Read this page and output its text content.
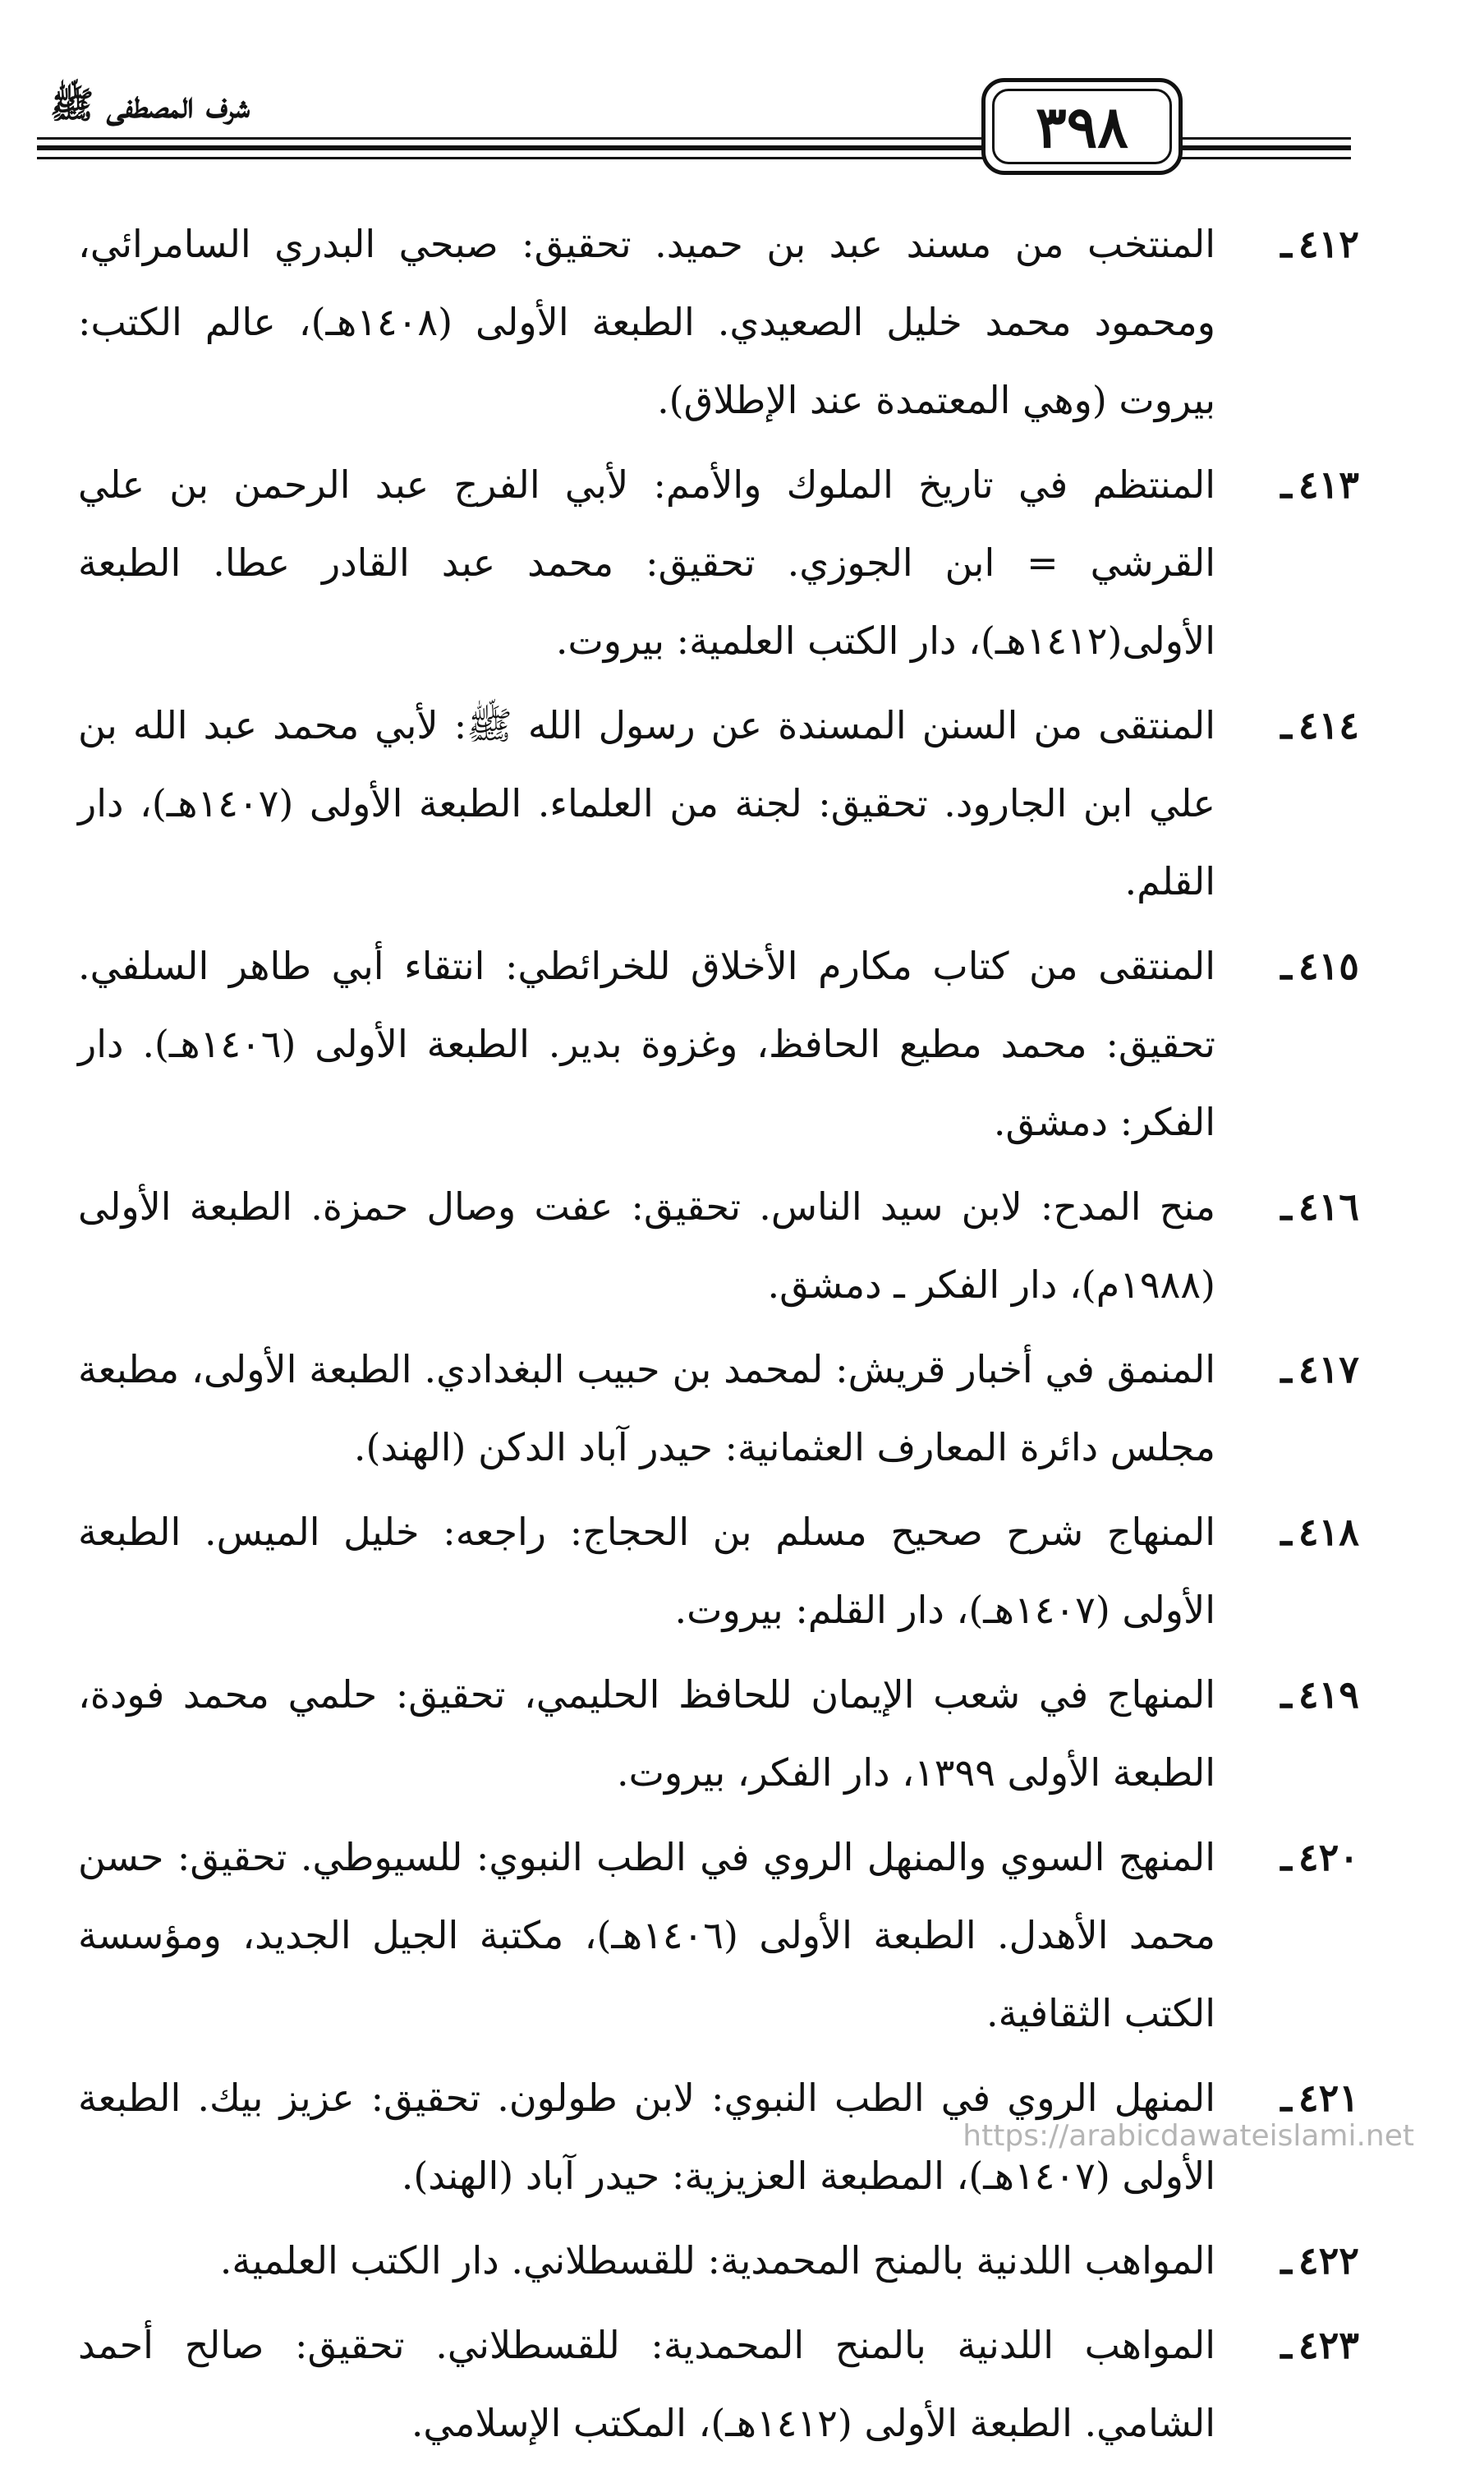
شرف المصطفى ﷺ	٣٩٨
٤١٢ـ
المنتخب من مسند عبد بن حميد. تحقيق: صبحي البدري السامرائي، ومحمود محمد خليل الصعيدي. الطبعة الأولى (١٤٠٨هـ)، عالم الكتب: بيروت (وهي المعتمدة عند الإطلاق).
٤١٣ـ
المنتظم في تاريخ الملوك والأمم: لأبي الفرج عبد الرحمن بن علي القرشي = ابن الجوزي. تحقيق: محمد عبد القادر عطا. الطبعة الأولى(١٤١٢هـ)، دار الكتب العلمية: بيروت.
٤١٤ـ
المنتقى من السنن المسندة عن رسول الله ﷺ: لأبي محمد عبد الله بن علي ابن الجارود. تحقيق: لجنة من العلماء. الطبعة الأولى (١٤٠٧هـ)، دار القلم.
٤١٥ـ
المنتقى من كتاب مكارم الأخلاق للخرائطي: انتقاء أبي طاهر السلفي. تحقيق: محمد مطيع الحافظ، وغزوة بدير. الطبعة الأولى (١٤٠٦هـ). دار الفكر: دمشق.
٤١٦ـ
منح المدح: لابن سيد الناس. تحقيق: عفت وصال حمزة. الطبعة الأولى (١٩٨٨م)، دار الفكر ـ دمشق.
٤١٧ـ
المنمق في أخبار قريش: لمحمد بن حبيب البغدادي. الطبعة الأولى، مطبعة مجلس دائرة المعارف العثمانية: حيدر آباد الدكن (الهند).
٤١٨ـ
المنهاج شرح صحيح مسلم بن الحجاج: راجعه: خليل الميس. الطبعة الأولى (١٤٠٧هـ)، دار القلم: بيروت.
٤١٩ـ
المنهاج في شعب الإيمان للحافظ الحليمي، تحقيق: حلمي محمد فودة، الطبعة الأولى ١٣٩٩، دار الفكر، بيروت.
٤٢٠ـ
المنهج السوي والمنهل الروي في الطب النبوي: للسيوطي. تحقيق: حسن محمد الأهدل. الطبعة الأولى (١٤٠٦هـ)، مكتبة الجيل الجديد، ومؤسسة الكتب الثقافية.
٤٢١ـ
المنهل الروي في الطب النبوي: لابن طولون. تحقيق: عزيز بيك. الطبعة الأولى (١٤٠٧هـ)، المطبعة العزيزية: حيدر آباد (الهند).
٤٢٢ـ
المواهب اللدنية بالمنح المحمدية: للقسطلاني. دار الكتب العلمية.
٤٢٣ـ
المواهب اللدنية بالمنح المحمدية: للقسطلاني. تحقيق: صالح أحمد الشامي. الطبعة الأولى (١٤١٢هـ)، المكتب الإسلامي.
https://arabicdawateislami.net
